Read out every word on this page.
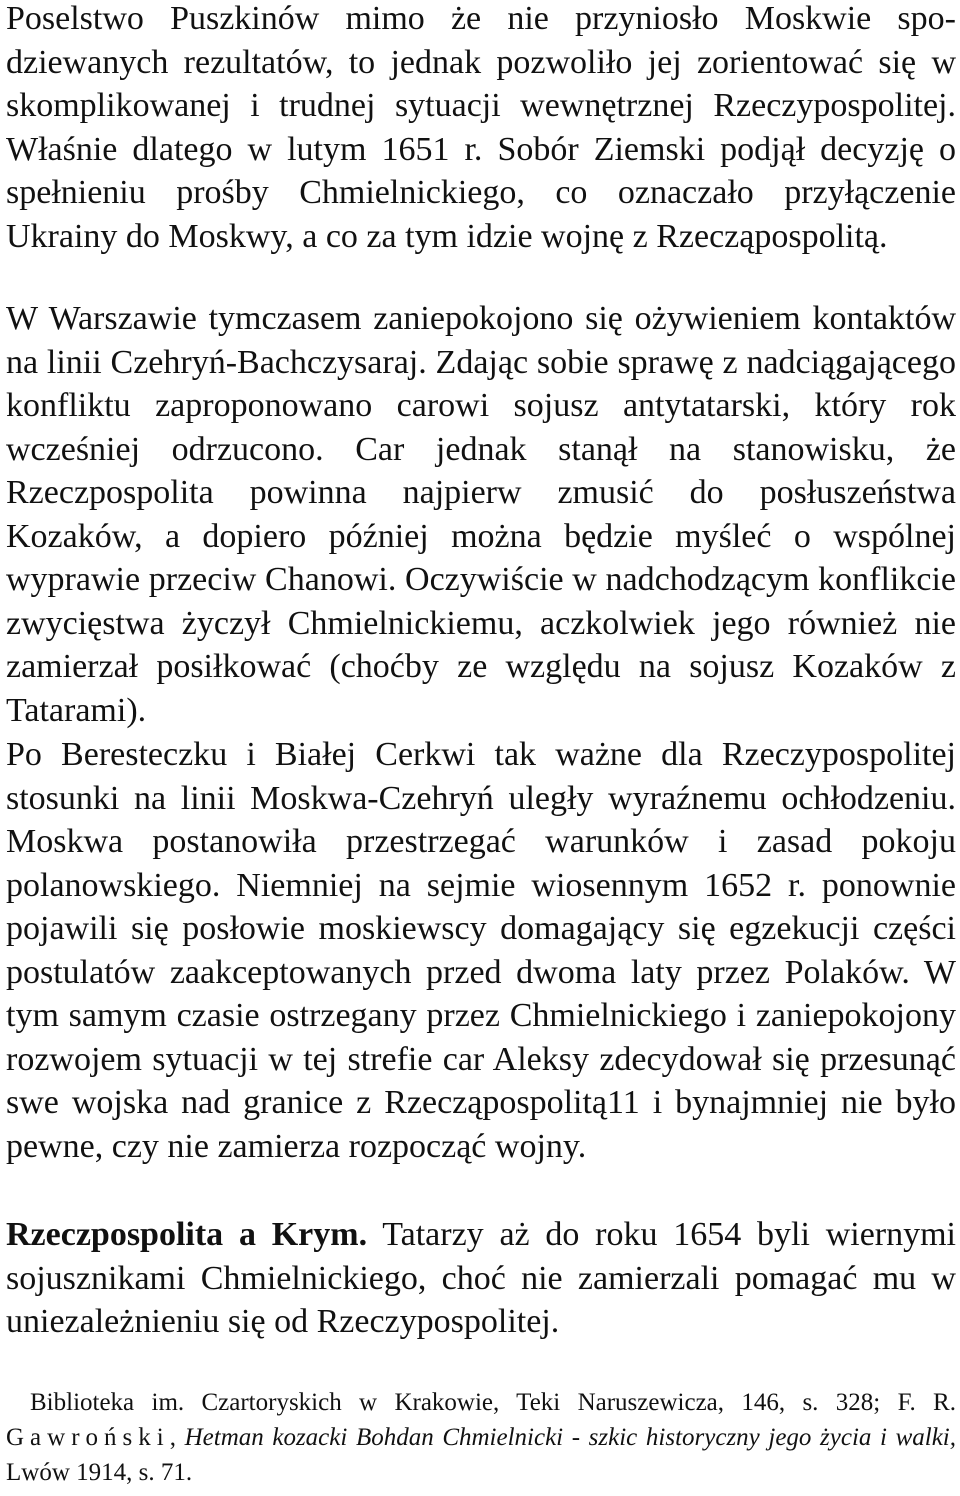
Poselstwo Puszkinów mimo że nie przyniosło Moskwie spodziewanych rezultatów, to jednak pozwoliło jej zorientować się w skomplikowanej i trudnej sytuacji wewnętrznej Rzeczypospolitej. Właśnie dlatego w lutym 1651 r. Sobór Ziemski podjął decyzję o spełnieniu prośby Chmielnickiego, co oznaczało przyłączenie Ukrainy do Moskwy, a co za tym idzie wojnę z Rzecząpospolitą.

W Warszawie tymczasem zaniepokojono się ożywieniem kontaktów na linii Czehryń-Bachczysaraj. Zdając sobie sprawę z nadciągającego konfliktu zaproponowano carowi sojusz antytatarski, który rok wcześniej odrzucono. Car jednak stanął na stanowisku, że Rzeczpospolita powinna najpierw zmusić do posłuszeństwa Kozaków, a dopiero później można będzie myśleć o wspólnej wyprawie przeciw Chanowi. Oczywiście w nadchodzącym konflikcie zwycięstwa życzył Chmielnickiemu, aczkolwiek jego również nie zamierzał posiłkować (choćby ze względu na sojusz Kozaków z Tatarami).

Po Beresteczku i Białej Cerkwi tak ważne dla Rzeczypospolitej stosunki na linii Moskwa-Czehryń uległy wyraźnemu ochłodzeniu. Moskwa postanowiła przestrzegać warunków i zasad pokoju polanowskiego. Niemniej na sejmie wiosennym 1652 r. ponownie pojawili się posłowie moskiewscy domagający się egzekucji części postulatów zaakceptowanych przed dwoma laty przez Polaków. W tym samym czasie ostrzegany przez Chmielnickiego i zaniepokojony rozwojem sytuacji w tej strefie car Aleksy zdecydował się przesunąć swe wojska nad granice z Rzecząpospolitą11 i bynajmniej nie było pewne, czy nie zamierza rozpocząć wojny.

Rzeczpospolita a Krym. Tatarzy aż do roku 1654 byli wiernymi sojusznikami Chmielnickiego, choć nie zamierzali pomagać mu w uniezależnieniu się od Rzeczypospolitej.

Biblioteka im. Czartoryskich w Krakowie, Teki Naruszewicza, 146, s. 328; F. R. Gawroński, Hetman kozacki Bohdan Chmielnicki - szkic historyczny jego życia i walki, Lwów 1914, s. 71.
